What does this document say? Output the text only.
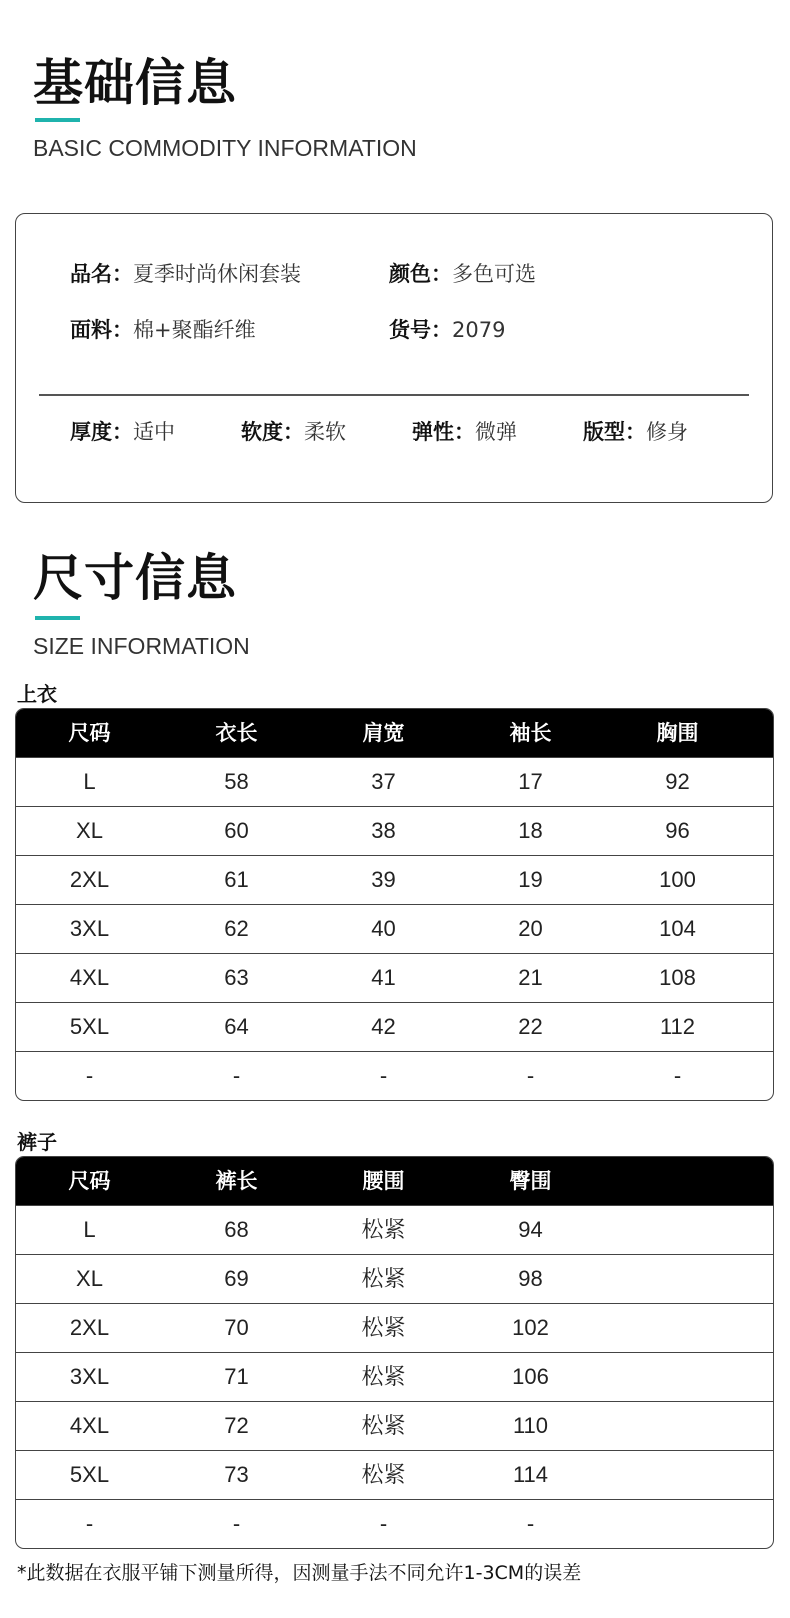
基础信息
BASIC COMMODITY INFORMATION
品名：夏季时尚休闲套装	颜色：多色可选
面料：棉+聚酯纤维	货号：2079
厚度：适中	软度：柔软	弹性：微弹	版型：修身
尺寸信息
SIZE INFORMATION
上衣
尺码	衣长	肩宽	袖长	胸围
L	58	37	17	92
XL	60	38	18	96
2XL	61	39	19	100
3XL	62	40	20	104
4XL	63	41	21	108
5XL	64	42	22	112
-	-	-	-	-
裤子
尺码	裤长	腰围	臀围
L	68	松紧	94
XL	69	松紧	98
2XL	70	松紧	102
3XL	71	松紧	106
4XL	72	松紧	110
5XL	73	松紧	114
-	-	-	-
*此数据在衣服平铺下测量所得，因测量手法不同允许1-3CM的误差
